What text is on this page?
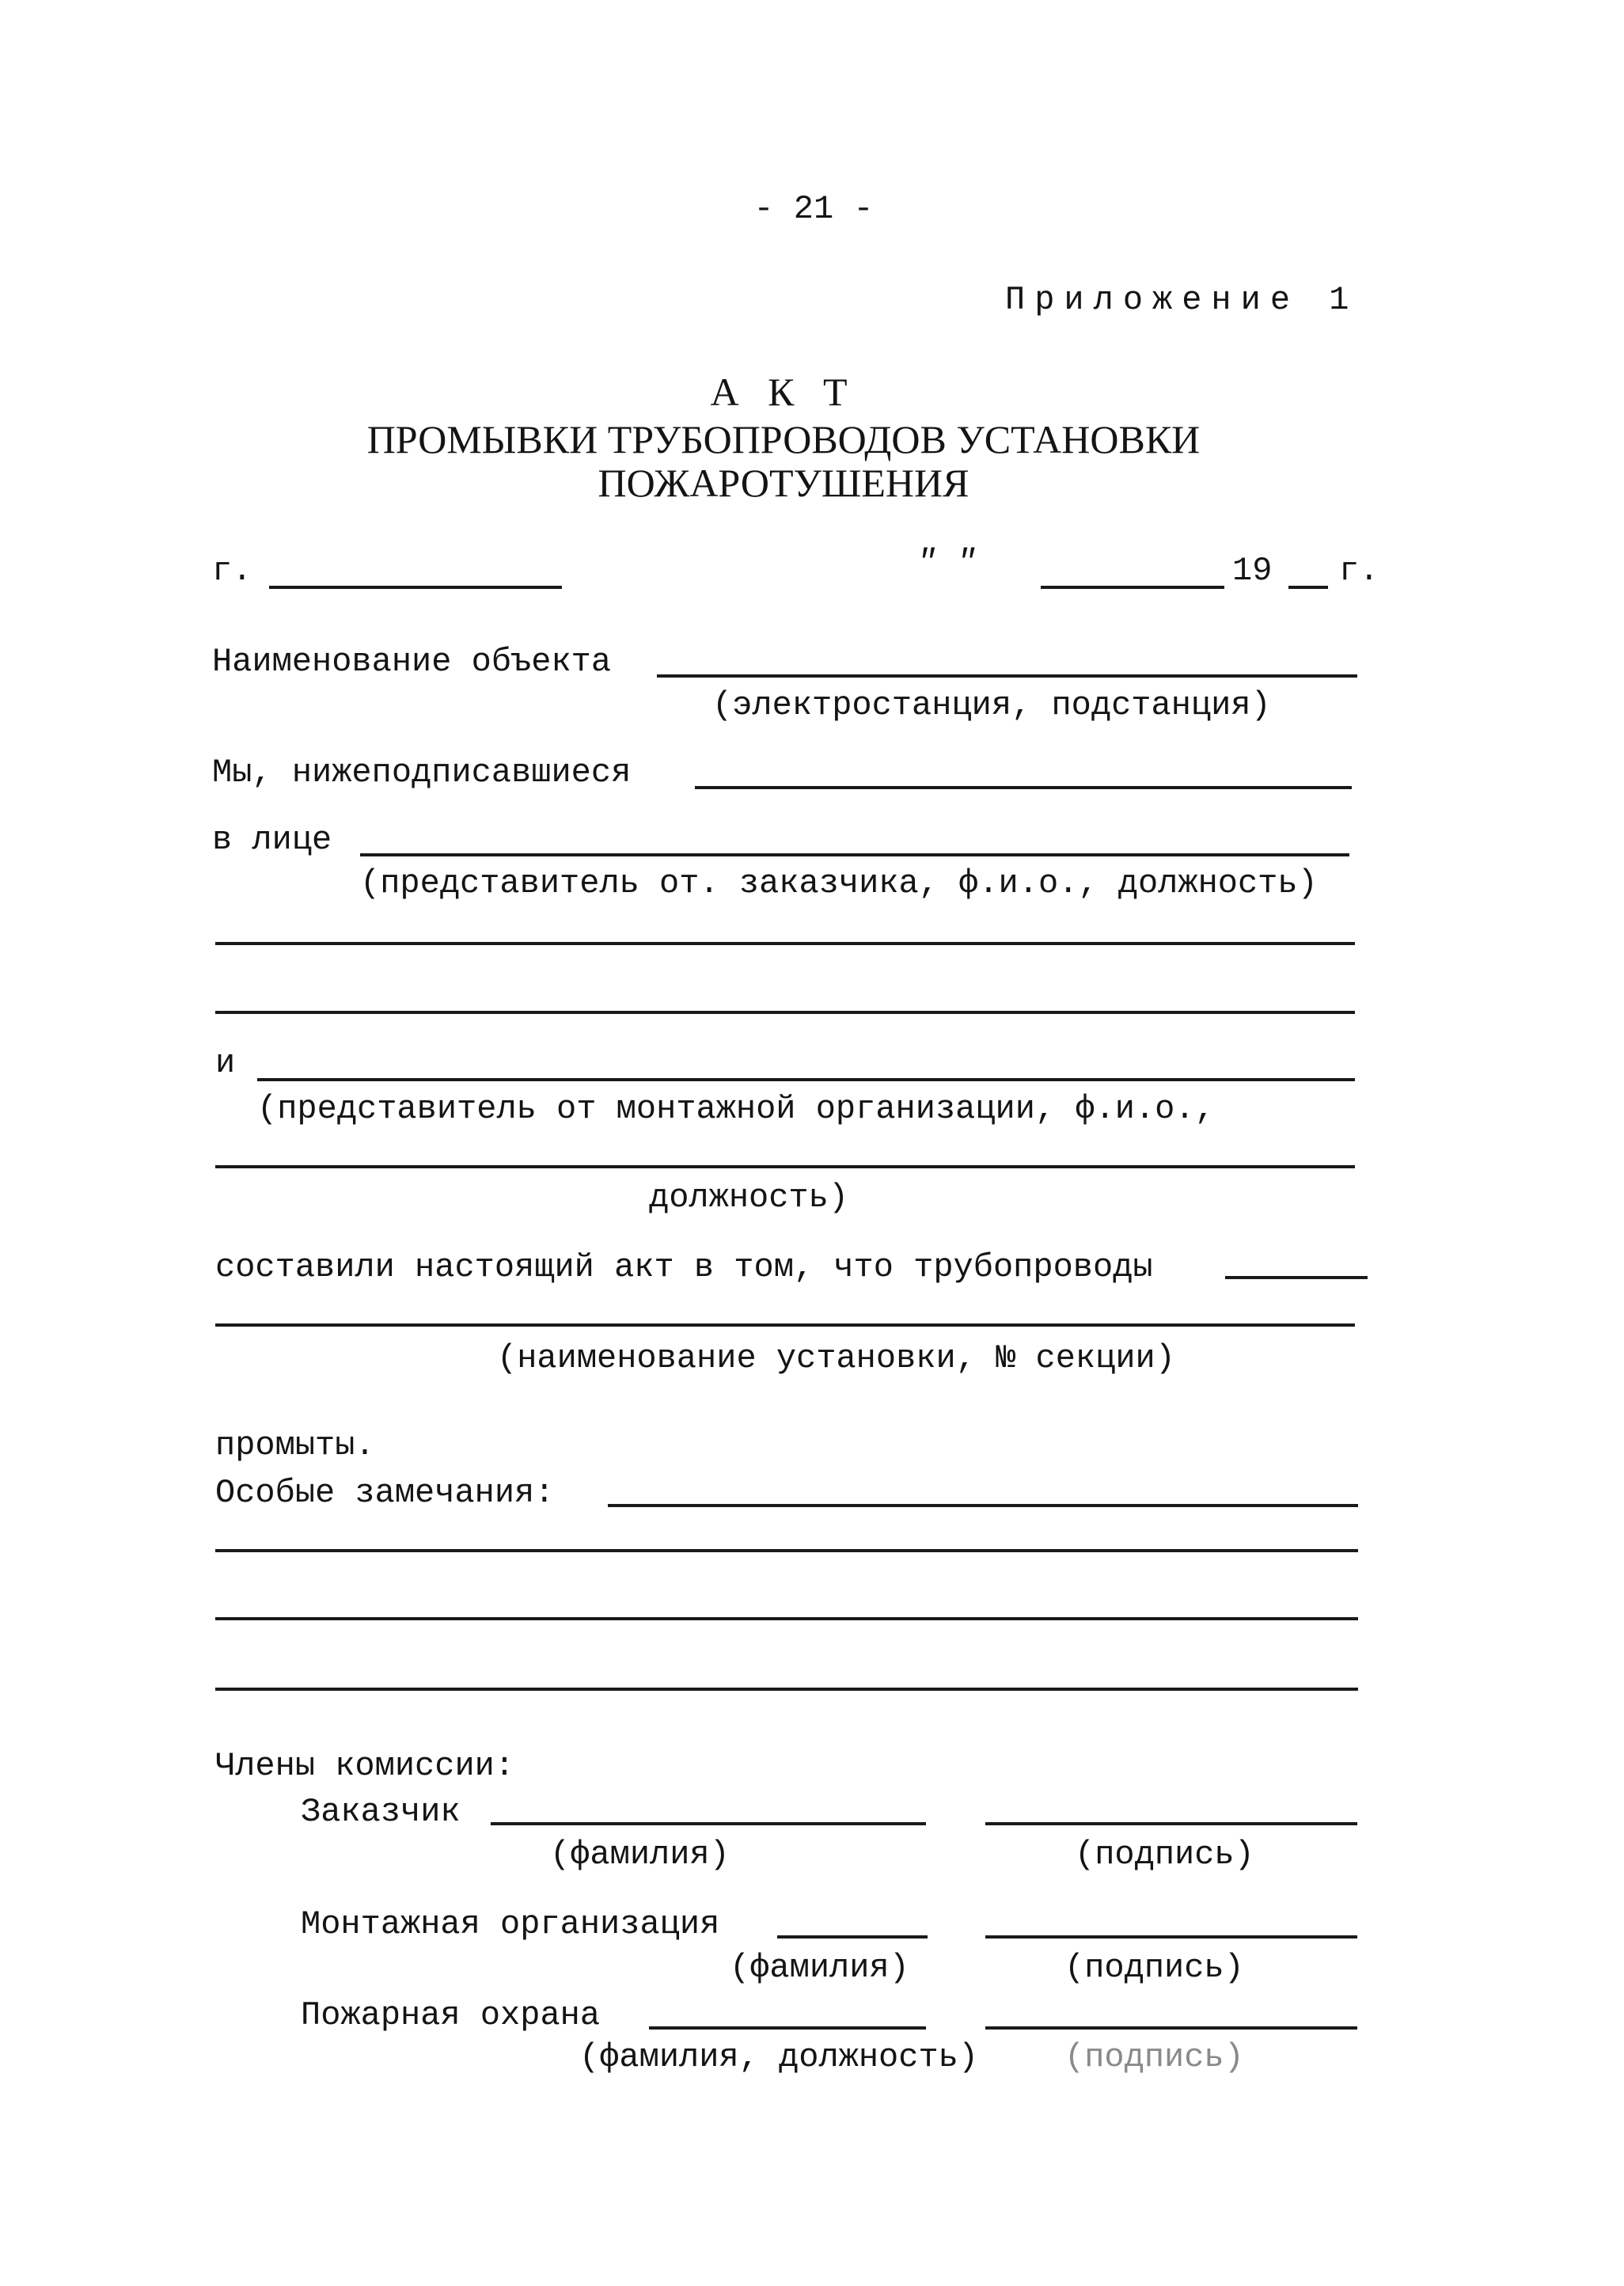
- 21 -
Приложение 1
А К Т
ПРОМЫВКИ ТРУБОПРОВОДОВ УСТАНОВКИ
ПОЖАРОТУШЕНИЯ
г.	″ ″	19 г.
Наименование объекта
(электростанция, подстанция)
Мы, нижеподписавшиеся
в лице
(представитель от. заказчика, ф.и.о., должность)
и
(представитель от монтажной организации, ф.и.о.,
должность)
составили настоящий акт в том, что трубопроводы
(наименование установки, № секции)
промыты.
Особые замечания:
Члены комиссии:
Заказчик
(фамилия)	(подпись)
Монтажная организация
(фамилия)	(подпись)
Пожарная охрана
(фамилия, должность)	(подпись)
